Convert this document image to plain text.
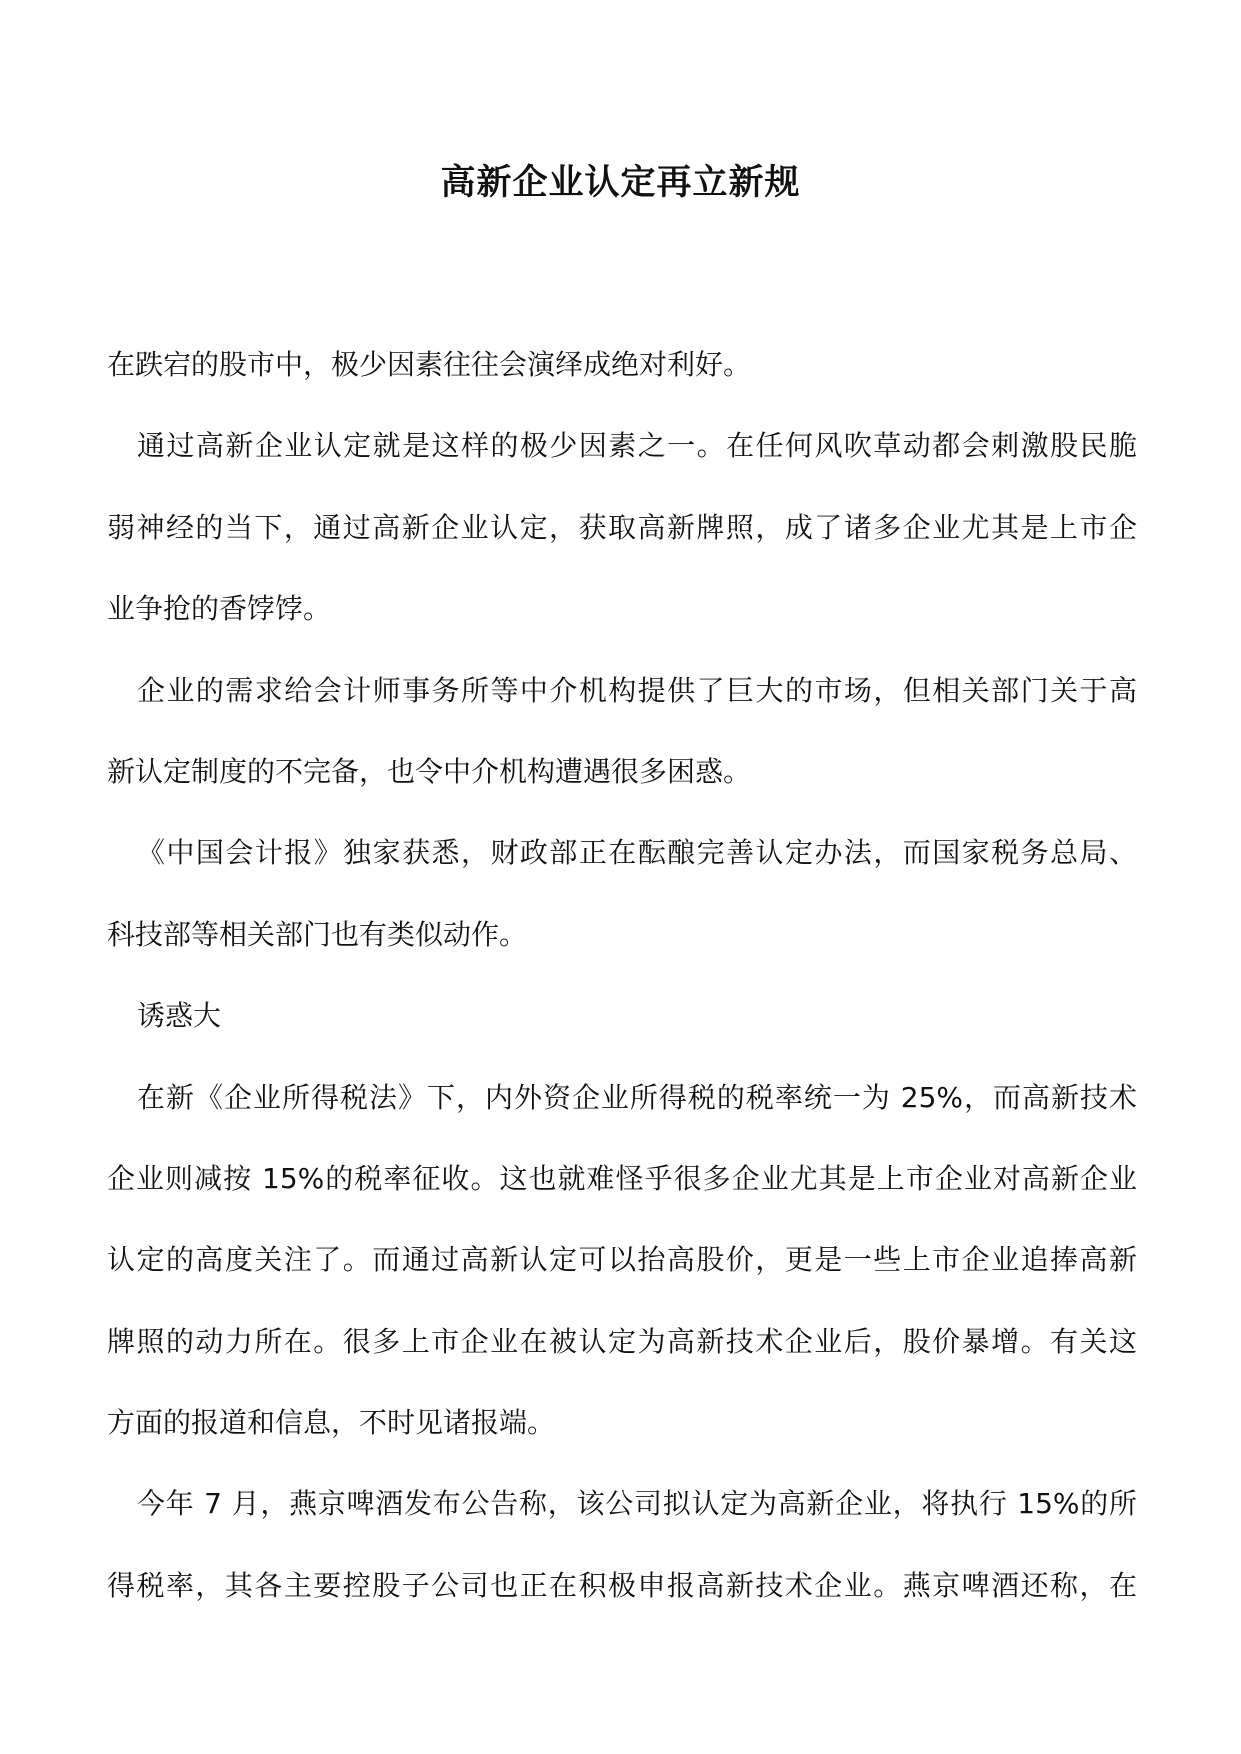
高新企业认定再立新规
在跌宕的股市中，极少因素往往会演绎成绝对利好。
通过高新企业认定就是这样的极少因素之一。在任何风吹草动都会刺激股民脆
弱神经的当下，通过高新企业认定，获取高新牌照，成了诸多企业尤其是上市企
业争抢的香饽饽。
企业的需求给会计师事务所等中介机构提供了巨大的市场，但相关部门关于高
新认定制度的不完备，也令中介机构遭遇很多困惑。
《中国会计报》独家获悉，财政部正在酝酿完善认定办法，而国家税务总局、
科技部等相关部门也有类似动作。
诱惑大
在新《企业所得税法》下，内外资企业所得税的税率统一为 25%，而高新技术
企业则减按 15%的税率征收。这也就难怪乎很多企业尤其是上市企业对高新企业
认定的高度关注了。而通过高新认定可以抬高股价，更是一些上市企业追捧高新
牌照的动力所在。很多上市企业在被认定为高新技术企业后，股价暴增。有关这
方面的报道和信息，不时见诸报端。
今年 7 月，燕京啤酒发布公告称，该公司拟认定为高新企业，将执行 15%的所
得税率，其各主要控股子公司也正在积极申报高新技术企业。燕京啤酒还称，在
